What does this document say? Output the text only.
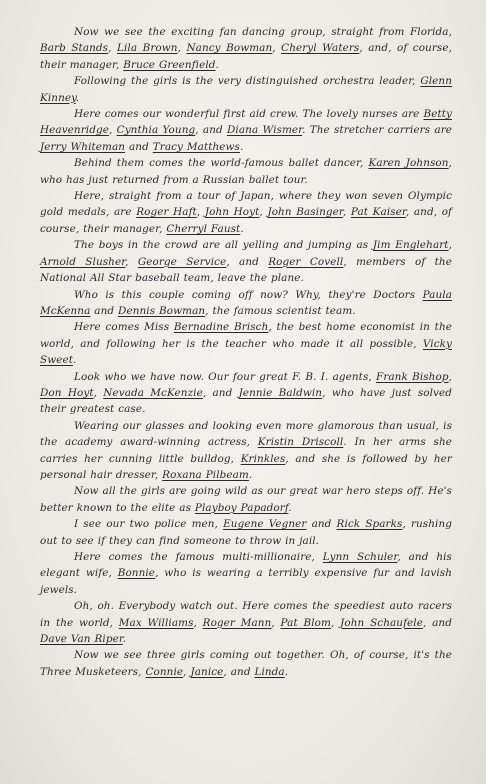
Now we see the exciting fan dancing group, straight from Florida, Barb Stands, Lila Brown, Nancy Bowman, Cheryl Waters, and, of course, their manager, Bruce Greenfield.

Following the girls is the very distinguished orchestra leader, Glenn Kinney.

Here comes our wonderful first aid crew. The lovely nurses are Betty Heavenridge, Cynthia Young, and Diana Wismer. The stretcher carriers are Jerry Whiteman and Tracy Matthews.

Behind them comes the world-famous ballet dancer, Karen Johnson, who has just returned from a Russian ballet tour.

Here, straight from a tour of Japan, where they won seven Olympic gold medals, are Roger Haft, John Hoyt, John Basinger, Pat Kaiser, and, of course, their manager, Cherryl Faust.

The boys in the crowd are all yelling and jumping as Jim Englehart, Arnold Slusher, George Service, and Roger Covell, members of the National All Star baseball team, leave the plane.

Who is this couple coming off now? Why, they're Doctors Paula McKenna and Dennis Bowman, the famous scientist team.

Here comes Miss Bernadine Brisch, the best home economist in the world, and following her is the teacher who made it all possible, Vicky Sweet.

Look who we have now. Our four great F. B. I. agents, Frank Bishop, Don Hoyt, Nevada McKenzie, and Jennie Baldwin, who have just solved their greatest case.

Wearing our glasses and looking even more glamorous than usual, is the academy award-winning actress, Kristin Driscoll. In her arms she carries her cunning little bulldog, Krinkles, and she is followed by her personal hair dresser, Roxana Pilbeam.

Now all the girls are going wild as our great war hero steps off. He's better known to the elite as Playboy Papadorf.

I see our two police men, Eugene Vegner and Rick Sparks, rushing out to see if they can find someone to throw in jail.

Here comes the famous multi-millionaire, Lynn Schuler, and his elegant wife, Bonnie, who is wearing a terribly expensive fur and lavish jewels.

Oh, oh. Everybody watch out. Here comes the speediest auto racers in the world, Max Williams, Roger Mann, Pat Blom, John Schaufele, and Dave Van Riper.

Now we see three girls coming out together. Oh, of course, it's the Three Musketeers, Connie, Janice, and Linda.
